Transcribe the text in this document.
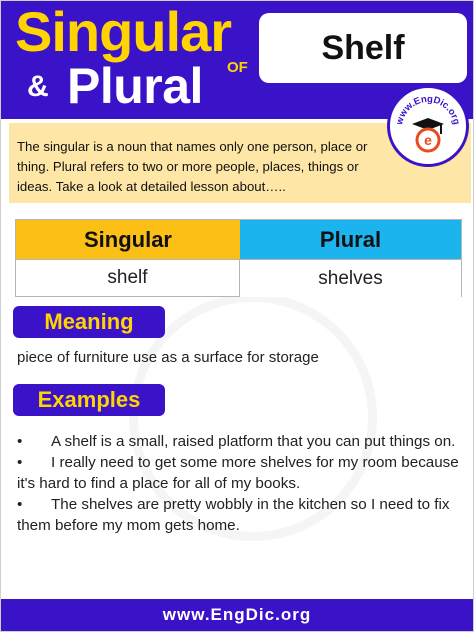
Singular
& Plural OF
Shelf
www.EngDic.org
e

The singular is a noun that names only one person, place or thing. Plural refers to two or more people, places, things or ideas. Take a look at detailed lesson about…..

Singular	Plural
shelf	shelves
Meaning
piece of furniture use as a surface for storage
Examples
• A shelf is a small, raised platform that you can put things on.
• I really need to get some more shelves for my room because it's hard to find a place for all of my books.
• The shelves are pretty wobbly in the kitchen so I need to fix them before my mom gets home.
www.EngDic.org
